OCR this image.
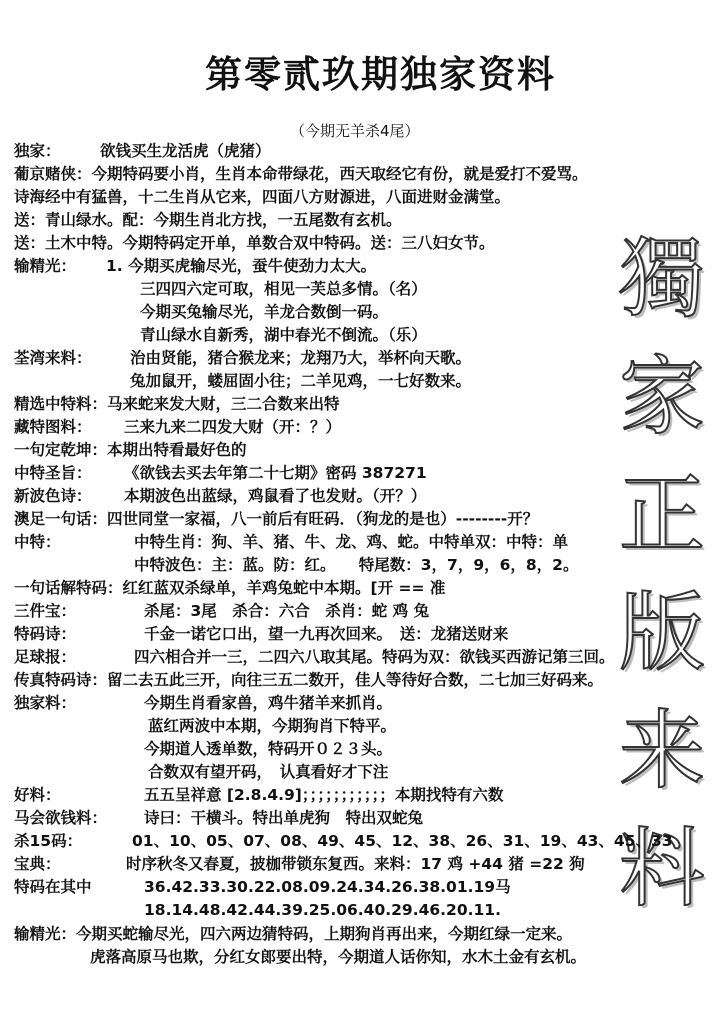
第零贰玖期独家资料
（今期无羊杀4尾）
獨
家
正
版
来
料
独家：	欲钱买生龙活虎（虎猪）
葡京赌侠：今期特码要小肖，生肖本命带绿花，西天取经它有份，就是爱打不爱骂。
诗海经中有猛兽，十二生肖从它来，四面八方财源进，八面进财金满堂。
送：青山绿水。配：今期生肖北方找，一五尾数有玄机。
送：土木中特。今期特码定开单，单数合双中特码。送：三八妇女节。
输精光： 1. 今期买虎输尽光，蚕牛使劲力太大。
三四四六定可取，相见一芙总多情。（名）
今期买兔输尽光，羊龙合数倒一码。
青山绿水自新秀，湖中春光不倒流。（乐）
荃湾来料： 治由贤能，猪合猴龙来；龙翔乃大，举杯向天歌。
兔加鼠开，蝼屈固小往；二羊见鸡，一七好数来。
精选中特料：马来蛇来发大财，三二合数来出特
藏特图料： 三来九来二四发大财（开：？）
一句定乾坤：本期出特看最好色的
中特圣旨： 《欲钱去买去年第二十七期》密码 387271
新波色诗： 本期波色出蓝绿，鸡鼠看了也发财。（开？）
澳足一句话：四世同堂一家福，八一前后有旺码．（狗龙的是也）--------开？
中特：	中特生肖：狗、羊、猪、牛、龙、鸡、蛇。中特单双：中特：单
中特波色：主：蓝。防：红。　　特尾数：3，7，9，6，8，2。
一句话解特码：红红蓝双杀绿单，羊鸡兔蛇中本期。[开 == 准
三件宝：	杀尾：3尾　杀合：六合　杀肖：蛇 鸡 兔
特码诗：	千金一诺它口出，望一九再次回来。　送：龙猪送财来
足球报：	四六相合并一三，二四六八取其尾。特码为双：欲钱买西游记第三回。
传真特码诗：留二去五此三开，向往三五二数开，佳人等待好合数，二七加三好码来。
独家料：	今期生肖看家兽，鸡牛猪羊来抓肖。
蓝红两波中本期，今期狗肖下特平。
今期道人透单数，特码开０２３头。
合数双有望开码，　认真看好才下注
好料：	五五呈祥意 [2.8.4.9]；；；；；；；；；；；本期找特有六数
马会欲钱料： 诗曰：干横斗。特出单虎狗　特出双蛇兔
杀15码：	01、10、05、07、08、49、45、12、38、26、31、19、43、45、33
宝典：	时序秋冬又春夏，披枷带锁东复西。来料：17 鸡 +44 猪 =22 狗
特码在其中	36.42.33.30.22.08.09.24.34.26.38.01.19马
18.14.48.42.44.39.25.06.40.29.46.20.11.
输精光：今期买蛇输尽光，四六两边猜特码，上期狗肖再出来，今期红绿一定来。
虎落高原马也欺，分红女郎要出特，今期道人话你知，水木土金有玄机。
